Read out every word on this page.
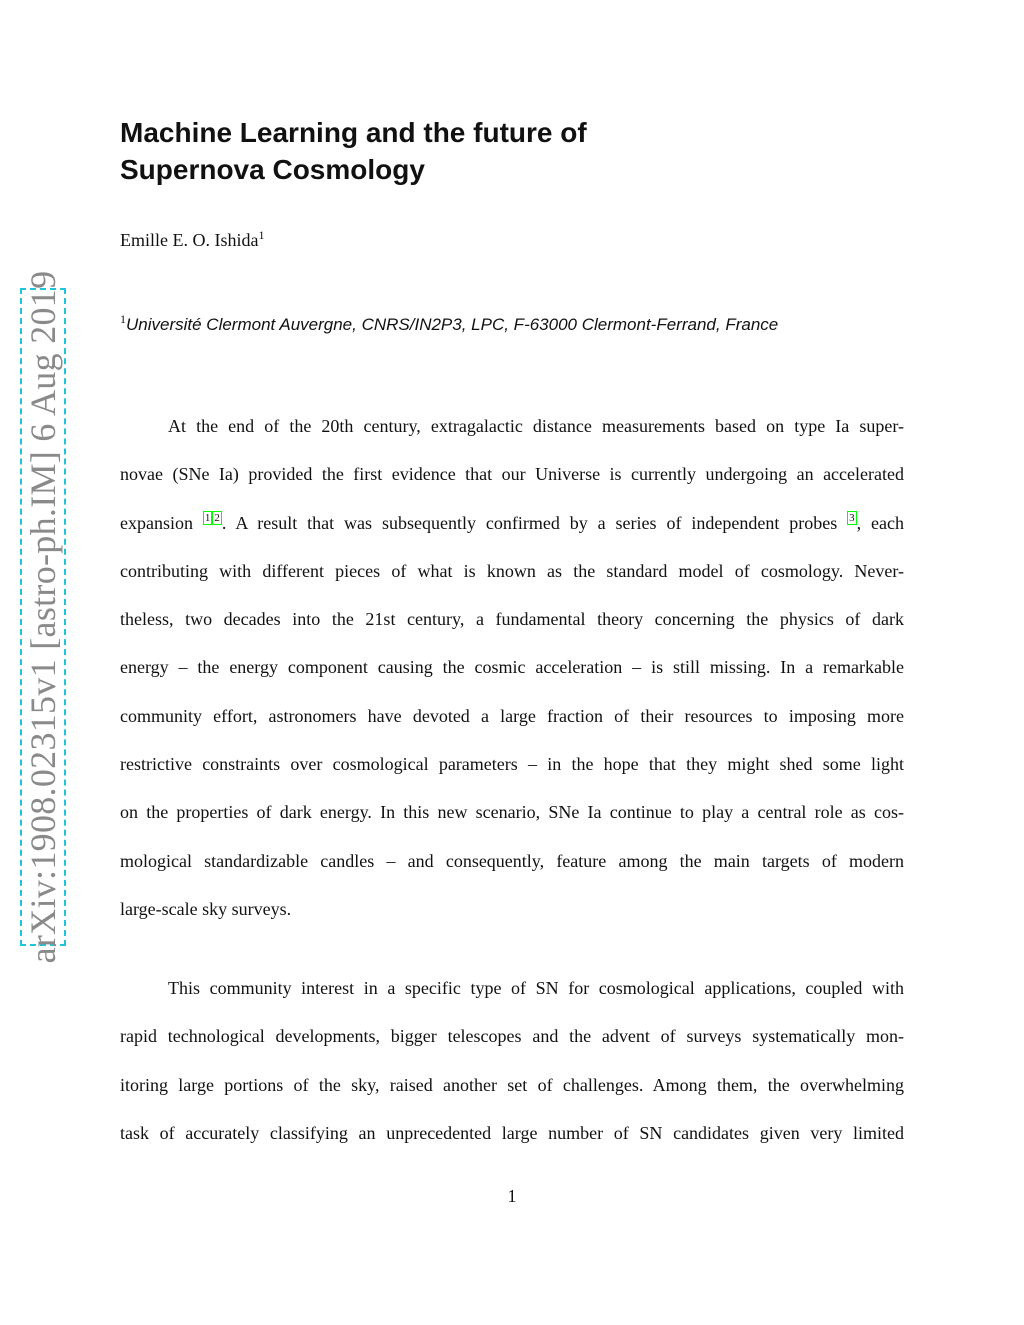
arXiv:1908.02315v1 [astro-ph.IM] 6 Aug 2019
Machine Learning and the future of
Supernova Cosmology
Emille E. O. Ishida$^1$
$^1$Université Clermont Auvergne, CNRS/IN2P3, LPC, F-63000 Clermont-Ferrand, France
At the end of the 20th century, extragalactic distance measurements based on type Ia super-
novae (SNe Ia) provided the first evidence that our Universe is currently undergoing an accelerated
expansion 1 2 . A result that was subsequently confirmed by a series of independent probes 3 , each
contributing with different pieces of what is known as the standard model of cosmology. Never-
theless, two decades into the 21st century, a fundamental theory concerning the physics of dark
energy – the energy component causing the cosmic acceleration – is still missing. In a remarkable
community effort, astronomers have devoted a large fraction of their resources to imposing more
restrictive constraints over cosmological parameters – in the hope that they might shed some light
on the properties of dark energy. In this new scenario, SNe Ia continue to play a central role as cos-
mological standardizable candles – and consequently, feature among the main targets of modern
large-scale sky surveys.
This community interest in a specific type of SN for cosmological applications, coupled with
rapid technological developments, bigger telescopes and the advent of surveys systematically mon-
itoring large portions of the sky, raised another set of challenges. Among them, the overwhelming
task of accurately classifying an unprecedented large number of SN candidates given very limited
1
